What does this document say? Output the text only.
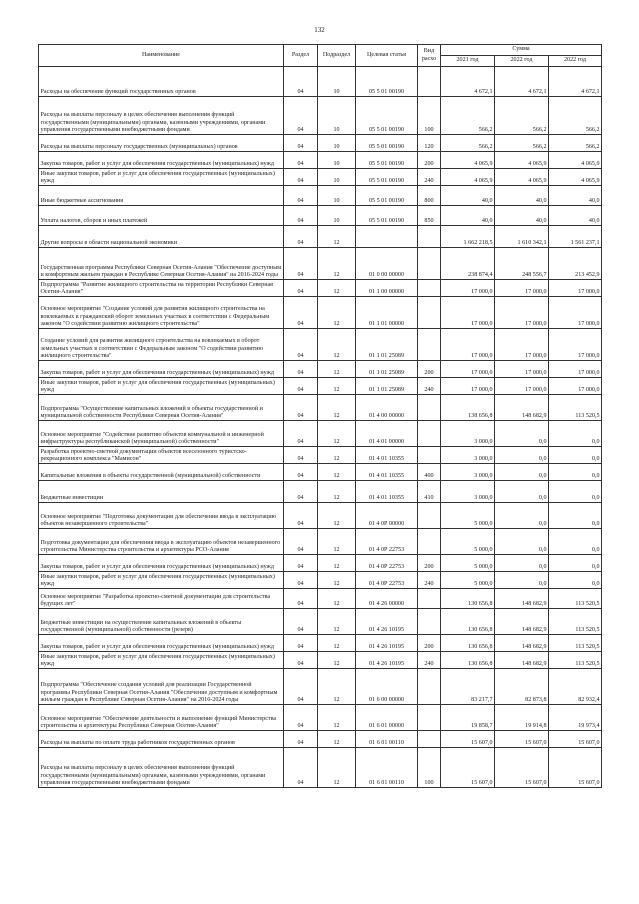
132
Наименование	Раздел	Подраздел	Целевая статья	Вид расхо	Сумма		
					2021 год	2022 год	2022 год
Расходы на обеспечение функций государственных органов	04	10	05 5 01 00190		4 672,1	4 672,1	4 672,1
Расходы на выплаты персоналу в целях обеспечения выполнения функций государственными (муниципальными) органами, казенными учреждениями, органами управления государственными внебюджетными фондами	04	10	05 5 01 00190	100	566,2	566,2	566,2
Расходы на выплаты персоналу государственных (муниципальных) органов	04	10	05 5 01 00190	120	566,2	566,2	566,2
Закупка товаров, работ и услуг для обеспечения государственных (муниципальных) нужд	04	10	05 5 01 00190	200	4 065,9	4 065,9	4 065,9
Иные закупки товаров, работ и услуг для обеспечения государственных (муниципальных) нужд	04	10	05 5 01 00190	240	4 065,9	4 065,9	4 065,9
Иные бюджетные ассигнования	04	10	05 5 01 00190	800	40,0	40,0	40,0
Уплата налогов, сборов и иных платежей	04	10	05 5 01 00190	850	40,0	40,0	40,0
Другие вопросы в области национальной экономики	04	12			1 662 218,5	1 610 342,1	1 561 237,1
Государственная программа Республики Северная Осетия-Алания "Обеспечение доступным и комфортным жильем граждан в Республике Северная Осетия-Алания" на 2016-2024 годы	04	12	01 0 00 00000		238 874,4	248 556,7	213 452,9
Подпрограмма "Развитие жилищного строительства на территории Республики Северная Осетия-Алания"	04	12	01 1 00 00000		17 000,0	17 000,0	17 000,0
Основное мероприятие "Создание условий для развития жилищного строительства на вовлекаемых в гражданский оборот земельных участках в соответствии с Федеральным законом "О содействии развитию жилищного строительства"	04	12	01 1 01 00000		17 000,0	17 000,0	17 000,0
Создание условий для развития жилищного строительства на вовлекаемых в оборот земельных участках в соответствии с Федеральным законом "О содействии развитию жилищного строительства"	04	12	01 1 01 25089		17 000,0	17 000,0	17 000,0
Закупка товаров, работ и услуг для обеспечения государственных (муниципальных) нужд	04	12	01 1 01 25089	200	17 000,0	17 000,0	17 000,0
Иные закупки товаров, работ и услуг для обеспечения государственных (муниципальных) нужд	04	12	01 1 01 25089	240	17 000,0	17 000,0	17 000,0
Подпрограмма "Осуществление капитальных вложений в объекты государственной и муниципальной собственности Республики Северная Осетия-Алания"	04	12	01 4 00 00000		138 656,8	148 682,9	113 520,5
Основное мероприятие "Содействие развитию объектов коммунальной и инженерной инфраструктуры республиканской (муниципальной) собственности"	04	12	01 4 01 00000		3 000,0	0,0	0,0
Разработка проектно-сметной документации объектов всесезонного туристско-рекреационного комплекса "Мамисон"	04	12	01 4 01 10355		3 000,0	0,0	0,0
Капитальные вложения в объекты государственной (муниципальной) собственности	04	12	01 4 01 10355	400	3 000,0	0,0	0,0
Бюджетные инвестиции	04	12	01 4 01 10355	410	3 000,0	0,0	0,0
Основное мероприятие "Подготовка документации для обеспечения ввода в эксплуатацию объектов незавершенного строительства"	04	12	01 4 0Р 00000		5 000,0	0,0	0,0
Подготовка документации для обеспечения ввода в эксплуатацию объектов незавершенного строительства Министерства строительства и архитектуры РСО-Алания	04	12	01 4 0Р 22753		5 000,0	0,0	0,0
Закупка товаров, работ и услуг для обеспечения государственных (муниципальных) нужд	04	12	01 4 0Р 22753	200	5 000,0	0,0	0,0
Иные закупки товаров, работ и услуг для обеспечения государственных (муниципальных) нужд	04	12	01 4 0Р 22753	240	5 000,0	0,0	0,0
Основное мероприятие "Разработка проектно-сметной документации для строительства будущих лет"	04	12	01 4 26 00000		130 656,8	148 682,9	113 520,5
Бюджетные инвестиции на осуществление капитальных вложений в объекты государственной (муниципальной) собственности (резерв)	04	12	01 4 26 10195		130 656,8	148 682,9	113 520,5
Закупка товаров, работ и услуг для обеспечения государственных (муниципальных) нужд	04	12	01 4 26 10195	200	130 656,8	148 682,9	113 520,5
Иные закупки товаров, работ и услуг для обеспечения государственных (муниципальных) нужд	04	12	01 4 26 10195	240	130 656,8	148 682,9	113 520,5
Подпрограмма "Обеспечение создания условий для реализации Государственной программы Республики Северная Осетия-Алания "Обеспечение доступным и комфортным жильем граждан в Республике Северная Осетия-Алания" на 2016-2024 годы	04	12	01 6 00 00000		83 217,7	82 873,8	82 932,4
Основное мероприятие "Обеспечение деятельности и выполнение функций Министерства строительства и архитектуры Республики Северная Осетия-Алания"	04	12	01 6 01 00000		19 858,7	19 914,8	19 973,4
Расходы на выплаты по оплате труда работников государственных органов	04	12	01 6 01 00110		15 607,0	15 607,0	15 607,0
Расходы на выплаты персоналу в целях обеспечения выполнения функций государственными (муниципальными) органами, казенными учреждениями, органами управления государственными внебюджетными фондами	04	12	01 6 01 00110	100	15 607,0	15 607,0	15 607,0
